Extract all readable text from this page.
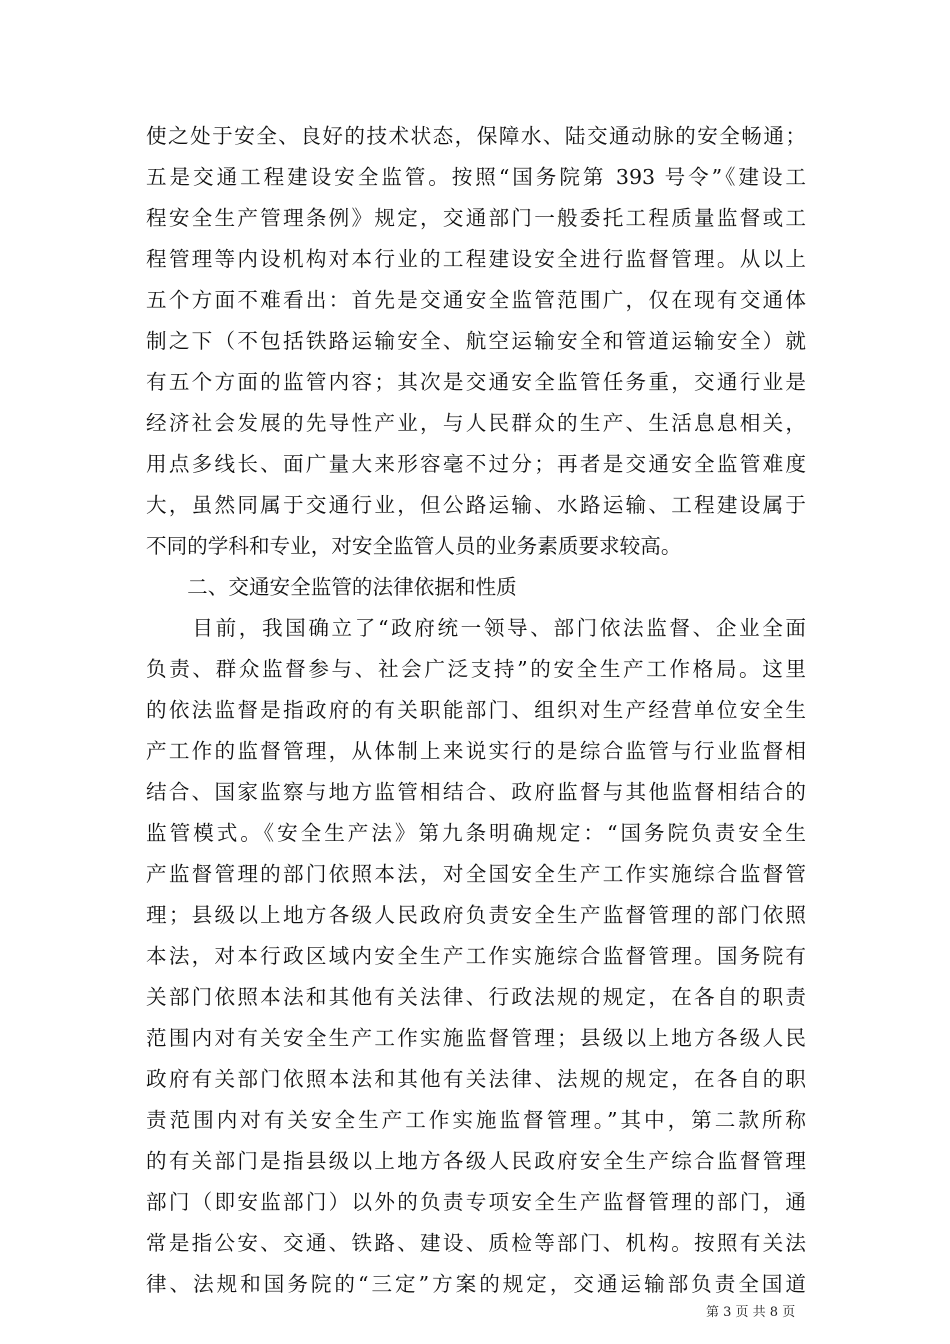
使之处于安全、良好的技术状态，保障水、陆交通动脉的安全畅通；
五是交通工程建设安全监管。按照“国务院第 393 号令”《建设工
程安全生产管理条例》规定，交通部门一般委托工程质量监督或工
程管理等内设机构对本行业的工程建设安全进行监督管理。从以上
五个方面不难看出：首先是交通安全监管范围广，仅在现有交通体
制之下（不包括铁路运输安全、航空运输安全和管道运输安全）就
有五个方面的监管内容；其次是交通安全监管任务重，交通行业是
经济社会发展的先导性产业，与人民群众的生产、生活息息相关，
用点多线长、面广量大来形容毫不过分；再者是交通安全监管难度
大，虽然同属于交通行业，但公路运输、水路运输、工程建设属于
不同的学科和专业，对安全监管人员的业务素质要求较高。
　　二、交通安全监管的法律依据和性质
　　目前，我国确立了“政府统一领导、部门依法监督、企业全面
负责、群众监督参与、社会广泛支持”的安全生产工作格局。这里
的依法监督是指政府的有关职能部门、组织对生产经营单位安全生
产工作的监督管理，从体制上来说实行的是综合监管与行业监督相
结合、国家监察与地方监管相结合、政府监督与其他监督相结合的
监管模式。《安全生产法》第九条明确规定：“国务院负责安全生
产监督管理的部门依照本法，对全国安全生产工作实施综合监督管
理；县级以上地方各级人民政府负责安全生产监督管理的部门依照
本法，对本行政区域内安全生产工作实施综合监督管理。国务院有
关部门依照本法和其他有关法律、行政法规的规定，在各自的职责
范围内对有关安全生产工作实施监督管理；县级以上地方各级人民
政府有关部门依照本法和其他有关法律、法规的规定，在各自的职
责范围内对有关安全生产工作实施监督管理。”其中，第二款所称
的有关部门是指县级以上地方各级人民政府安全生产综合监督管理
部门（即安监部门）以外的负责专项安全生产监督管理的部门，通
常是指公安、交通、铁路、建设、质检等部门、机构。按照有关法
律、法规和国务院的“三定”方案的规定，交通运输部负责全国道
第 3 页 共 8 页
